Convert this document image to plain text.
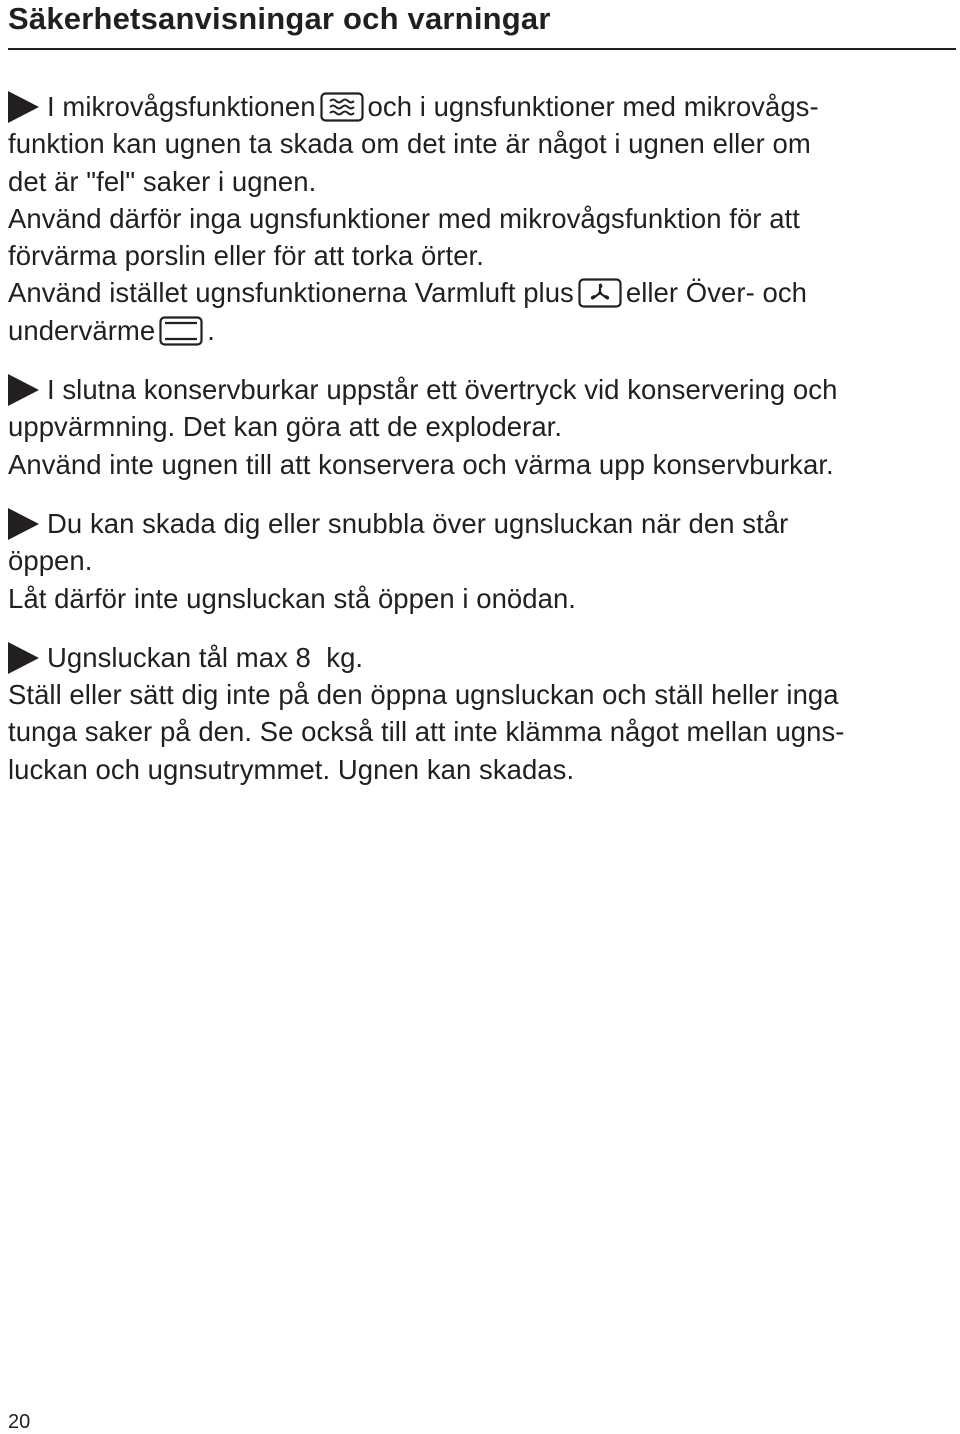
Säkerhetsanvisningar och varningar
I mikrovågsfunktionen och i ugnsfunktioner med mikrovågs-
funktion kan ugnen ta skada om det inte är något i ugnen eller om
det är "fel" saker i ugnen.
Använd därför inga ugnsfunktioner med mikrovågsfunktion för att
förvärma porslin eller för att torka örter.
Använd istället ugnsfunktionerna Varmluft plus eller Över- och
undervärme .
I slutna konservburkar uppstår ett övertryck vid konservering och
uppvärmning. Det kan göra att de exploderar.
Använd inte ugnen till att konservera och värma upp konservburkar.
Du kan skada dig eller snubbla över ugnsluckan när den står
öppen.
Låt därför inte ugnsluckan stå öppen i onödan.
Ugnsluckan tål max 8  kg.
Ställ eller sätt dig inte på den öppna ugnsluckan och ställ heller inga
tunga saker på den. Se också till att inte klämma något mellan ugns-
luckan och ugnsutrymmet. Ugnen kan skadas.
20
